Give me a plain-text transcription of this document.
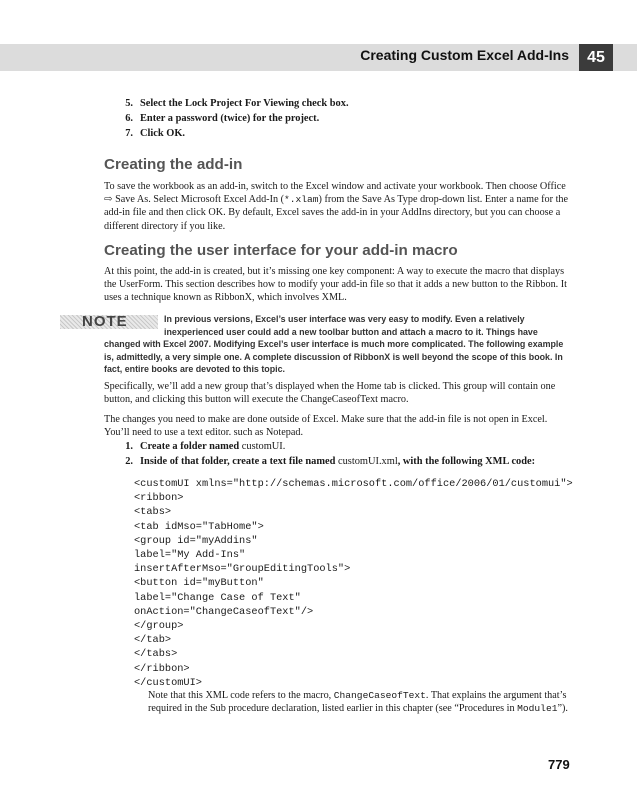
Creating Custom Excel Add-Ins	45
5. Select the Lock Project For Viewing check box.
6. Enter a password (twice) for the project.
7. Click OK.
Creating the add-in

To save the workbook as an add-in, switch to the Excel window and activate your workbook. Then choose Office ⇨ Save As. Select Microsoft Excel Add-In (*.xlam) from the Save As Type drop-down list. Enter a name for the add-in file and then click OK. By default, Excel saves the add-in in your AddIns directory, but you can choose a different directory if you like.

Creating the user interface for your add-in macro

At this point, the add-in is created, but it’s missing one key component: A way to execute the macro that displays the UserForm. This section describes how to modify your add-in file so that it adds a new button to the Ribbon. It uses a technique known as RibbonX, which involves XML.

NOTE	In previous versions, Excel’s user interface was very easy to modify. Even a relatively inexperienced user could add a new toolbar button and attach a macro to it. Things have changed with Excel 2007. Modifying Excel’s user interface is much more complicated. The following example is, admittedly, a very simple one. A complete discussion of RibbonX is well beyond the scope of this book. In fact, entire books are devoted to this topic.

Specifically, we’ll add a new group that’s displayed when the Home tab is clicked. This group will contain one button, and clicking this button will execute the ChangeCaseofText macro.

The changes you need to make are done outside of Excel. Make sure that the add-in file is not open in Excel. You’ll need to use a text editor. such as Notepad.

1. Create a folder named customUI.
2. Inside of that folder, create a text file named customUI.xml, with the following XML code:
<customUI xmlns="http://schemas.microsoft.com/office/2006/01/customui">
<ribbon>
<tabs>
<tab idMso="TabHome">
<group id="myAddins"
label="My Add-Ins"
insertAfterMso="GroupEditingTools">
<button id="myButton"
label="Change Case of Text"
onAction="ChangeCaseofText"/>
</group>
</tab>
</tabs>
</ribbon>
</customUI>

Note that this XML code refers to the macro, ChangeCaseofText. That explains the argument that’s required in the Sub procedure declaration, listed earlier in this chapter (see “Procedures in Module1”).

779
